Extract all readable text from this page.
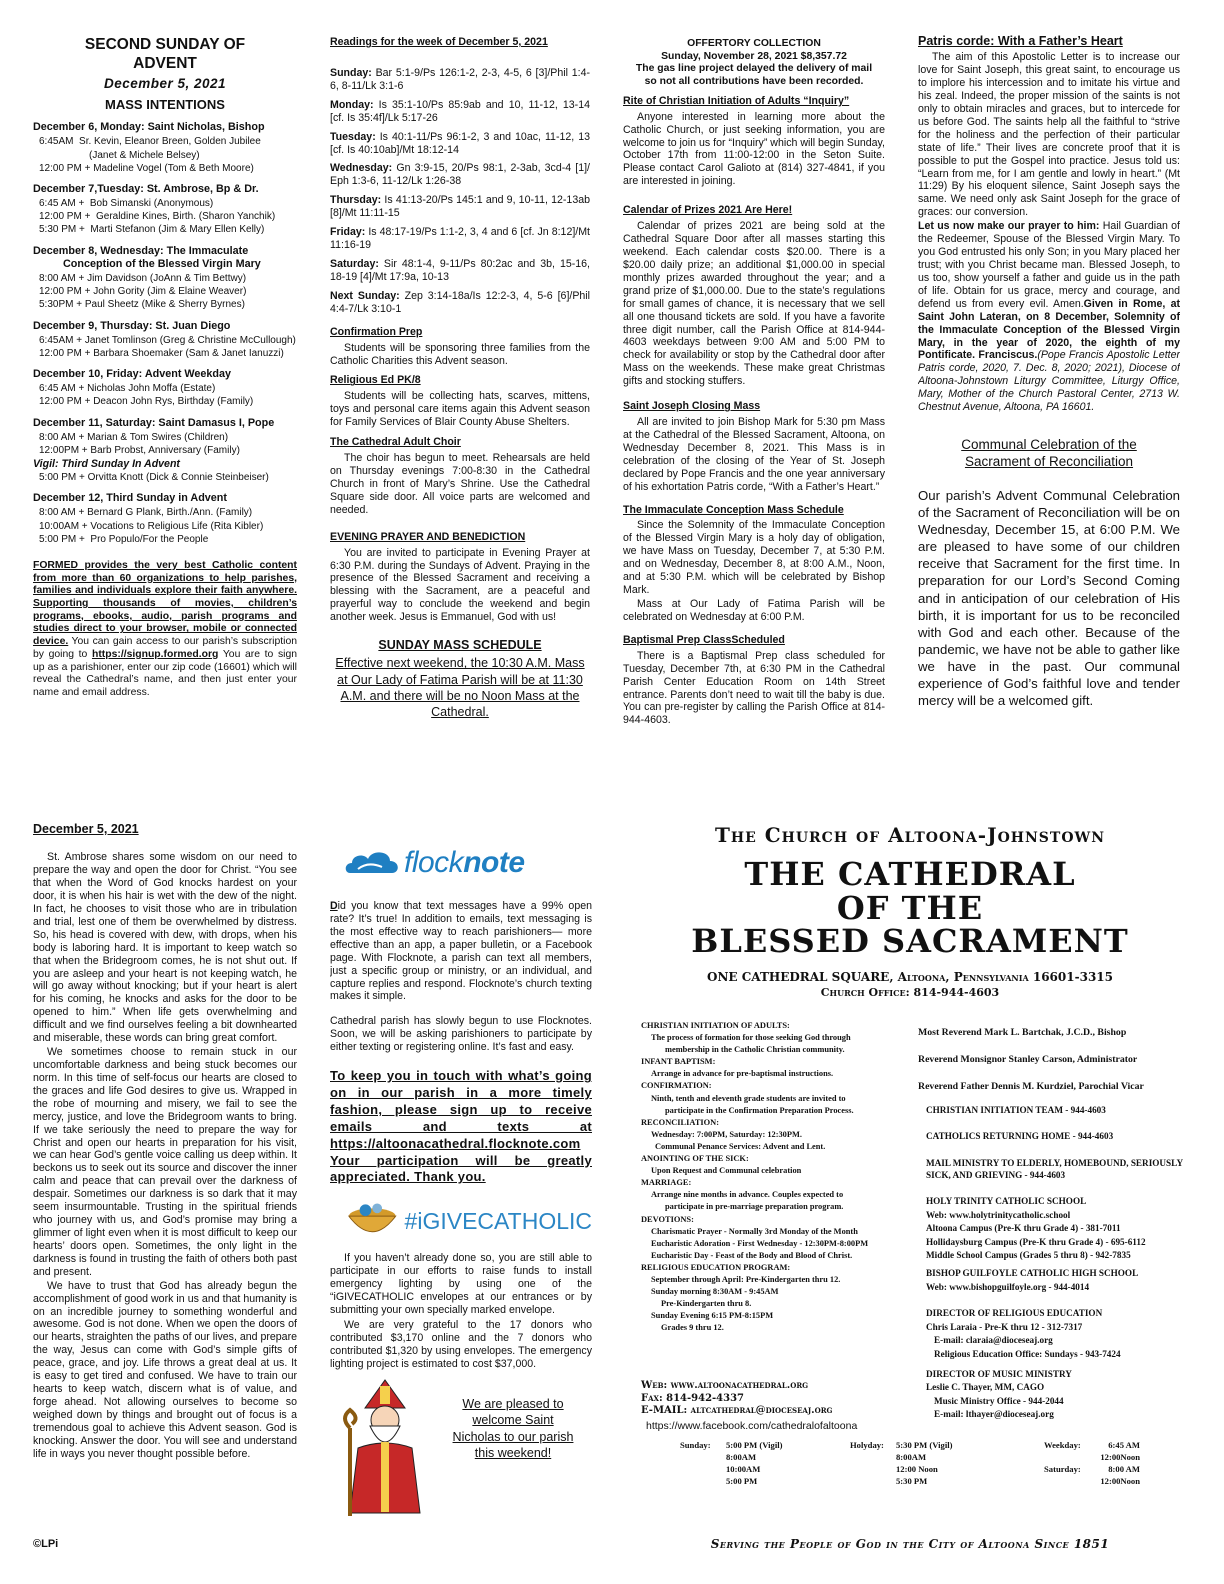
SECOND SUNDAY OF
ADVENT
December 5, 2021
MASS INTENTIONS
December 6, Monday: Saint Nicholas, Bishop
6:45AM  Sr. Kevin, Eleanor Breen, Golden Jubilee
(Janet & Michele Belsey)
12:00 PM + Madeline Vogel (Tom & Beth Moore)
December 7,Tuesday: St. Ambrose, Bp & Dr.
6:45 AM +  Bob Simanski (Anonymous)
12:00 PM +  Geraldine Kines, Birth. (Sharon Yanchik)
5:30 PM +  Marti Stefanon (Jim & Mary Ellen Kelly)
December 8, Wednesday: The Immaculate
Conception of the Blessed Virgin Mary
8:00 AM + Jim Davidson (JoAnn & Tim Bettwy)
12:00 PM + John Gority (Jim & Elaine Weaver)
5:30PM + Paul Sheetz (Mike & Sherry Byrnes)
December 9, Thursday: St. Juan Diego
6:45AM + Janet Tomlinson (Greg & Christine McCullough)
12:00 PM + Barbara Shoemaker (Sam & Janet Ianuzzi)
December 10, Friday: Advent Weekday
6:45 AM + Nicholas John Moffa (Estate)
12:00 PM + Deacon John Rys, Birthday (Family)
December 11, Saturday: Saint Damasus I, Pope
8:00 AM + Marian & Tom Swires (Children)
12:00PM + Barb Probst, Anniversary (Family)
Vigil: Third Sunday In Advent
5:00 PM + Orvitta Knott (Dick & Connie Steinbeiser)
December 12, Third Sunday in Advent
8:00 AM + Bernard G Plank, Birth./Ann. (Family)
10:00AM + Vocations to Religious Life (Rita Kibler)
5:00 PM +  Pro Populo/For the People
FORMED provides the very best Catholic content from more than 60 organizations to help parishes, families and individuals explore their faith anywhere. Supporting thousands of movies, children’s programs, ebooks, audio, parish programs and studies direct to your browser, mobile or connected device. You can gain access to our parish’s subscription by going to https://signup.formed.org You are to sign up as a parishioner, enter our zip code (16601) which will reveal the Cathedral’s name, and then just enter your name and email address.
Readings for the week of December 5, 2021
Sunday: Bar 5:1-9/Ps 126:1-2, 2-3, 4-5, 6 [3]/Phil 1:4-6, 8-11/Lk 3:1-6
Monday: Is 35:1-10/Ps 85:9ab and 10, 11-12, 13-14 [cf. Is 35:4f]/Lk 5:17-26
Tuesday: Is 40:1-11/Ps 96:1-2, 3 and 10ac, 11-12, 13 [cf. Is 40:10ab]/Mt 18:12-14
Wednesday: Gn 3:9-15, 20/Ps 98:1, 2-3ab, 3cd-4 [1]/ Eph 1:3-6, 11-12/Lk 1:26-38
Thursday: Is 41:13-20/Ps 145:1 and 9, 10-11, 12-13ab [8]/Mt 11:11-15
Friday: Is 48:17-19/Ps 1:1-2, 3, 4 and 6 [cf. Jn 8:12]/Mt 11:16-19
Saturday: Sir 48:1-4, 9-11/Ps 80:2ac and 3b, 15-16, 18-19 [4]/Mt 17:9a, 10-13
Next Sunday: Zep 3:14-18a/Is 12:2-3, 4, 5-6 [6]/Phil 4:4-7/Lk 3:10-1
Confirmation Prep

Students will be sponsoring three families from the Catholic Charities this Advent season.

Religious Ed PK/8

Students will be collecting hats, scarves, mittens, toys and personal care items again this Advent season for Family Services of Blair County Abuse Shelters.

The Cathedral Adult Choir

The choir has begun to meet. Rehearsals are held on Thursday evenings 7:00-8:30 in the Cathedral Church in front of Mary’s Shrine. Use the Cathedral Square side door. All voice parts are welcomed and needed.

EVENING PRAYER AND BENEDICTION

You are invited to participate in Evening Prayer at 6:30 P.M. during the Sundays of Advent. Praying in the presence of the Blessed Sacrament and receiving a blessing with the Sacrament, are a peaceful and prayerful way to conclude the weekend and begin another week. Jesus is Emmanuel, God with us!

SUNDAY MASS SCHEDULE
Effective next weekend, the 10:30 A.M. Mass at Our Lady of Fatima Parish will be at 11:30 A.M. and there will be no Noon Mass at the Cathedral.
OFFERTORY COLLECTION
Sunday, November 28, 2021 $8,357.72
The gas line project delayed the delivery of mail
so not all contributions have been recorded.
Rite of Christian Initiation of Adults “Inquiry”

Anyone interested in learning more about the Catholic Church, or just seeking information, you are welcome to join us for “Inquiry” which will begin Sunday, October 17th from 11:00-12:00 in the Seton Suite. Please contact Carol Galioto at (814) 327-4841, if you are interested in joining.

Calendar of Prizes 2021 Are Here!

Calendar of prizes 2021 are being sold at the Cathedral Square Door after all masses starting this weekend. Each calendar costs $20.00. There is a $20.00 daily prize; an additional $1,000.00 in special monthly prizes awarded throughout the year; and a grand prize of $1,000.00. Due to the state’s regulations for small games of chance, it is necessary that we sell all one thousand tickets are sold. If you have a favorite three digit number, call the Parish Office at 814-944-4603 weekdays between 9:00 AM and 5:00 PM to check for availability or stop by the Cathedral door after Mass on the weekends. These make great Christmas gifts and stocking stuffers.

Saint Joseph Closing Mass

All are invited to join Bishop Mark for 5:30 pm Mass at the Cathedral of the Blessed Sacrament, Altoona, on Wednesday December 8, 2021. This Mass is in celebration of the closing of the Year of St. Joseph declared by Pope Francis and the one year anniversary of his exhortation Patris corde, “With a Father’s Heart.”

The Immaculate Conception Mass Schedule

Since the Solemnity of the Immaculate Conception of the Blessed Virgin Mary is a holy day of obligation, we have Mass on Tuesday, December 7, at 5:30 P.M. and on Wednesday, December 8, at 8:00 A.M., Noon, and at 5:30 P.M. which will be celebrated by Bishop Mark.

Mass at Our Lady of Fatima Parish will be celebrated on Wednesday at 6:00 P.M.

Baptismal Prep ClassScheduled

There is a Baptismal Prep class scheduled for Tuesday, December 7th, at 6:30 PM in the Cathedral Parish Center Education Room on 14th Street entrance. Parents don’t need to wait till the baby is due. You can pre-register by calling the Parish Office at 814-944-4603.

Patris corde: With a Father’s Heart

The aim of this Apostolic Letter is to increase our love for Saint Joseph, this great saint, to encourage us to implore his intercession and to imitate his virtue and his zeal. Indeed, the proper mission of the saints is not only to obtain miracles and graces, but to intercede for us before God. The saints help all the faithful to “strive for the holiness and the perfection of their particular state of life.” Their lives are concrete proof that it is possible to put the Gospel into practice. Jesus told us: “Learn from me, for I am gentle and lowly in heart.” (Mt 11:29) By his eloquent silence, Saint Joseph says the same. We need only ask Saint Joseph for the grace of graces: our conversion.

Let us now make our prayer to him: Hail Guardian of the Redeemer, Spouse of the Blessed Virgin Mary. To you God entrusted his only Son; in you Mary placed her trust; with you Christ became man. Blessed Joseph, to us too, show yourself a father and guide us in the path of life. Obtain for us grace, mercy and courage, and defend us from every evil. Amen.Given in Rome, at Saint John Lateran, on 8 December, Solemnity of the Immaculate Conception of the Blessed Virgin Mary, in the year of 2020, the eighth of my Pontificate. Franciscus.(Pope Francis Apostolic Letter Patris corde, 2020, 7. Dec. 8, 2020; 2021), Diocese of Altoona-Johnstown Liturgy Committee, Liturgy Office, Mary, Mother of the Church Pastoral Center, 2713 W. Chestnut Avenue, Altoona, PA 16601.
Communal Celebration of the
Sacrament of Reconciliation
Our parish’s Advent Communal Celebration of the Sacrament of Reconciliation will be on Wednesday, December 15, at 6:00 P.M. We are pleased to have some of our children receive that Sacrament for the first time. In preparation for our Lord’s Second Coming and in anticipation of our celebration of His birth, it is important for us to be reconciled with God and each other. Because of the pandemic, we have not be able to gather like we have in the past. Our communal experience of God’s faithful love and tender mercy will be a welcomed gift.
December 5, 2021

St. Ambrose shares some wisdom on our need to prepare the way and open the door for Christ. “You see that when the Word of God knocks hardest on your door, it is when his hair is wet with the dew of the night. In fact, he chooses to visit those who are in tribulation and trial, lest one of them be overwhelmed by distress. So, his head is covered with dew, with drops, when his body is laboring hard. It is important to keep watch so that when the Bridegroom comes, he is not shut out. If you are asleep and your heart is not keeping watch, he will go away without knocking; but if your heart is alert for his coming, he knocks and asks for the door to be opened to him.” When life gets overwhelming and difficult and we find ourselves feeling a bit downhearted and miserable, these words can bring great comfort.

We sometimes choose to remain stuck in our uncomfortable darkness and being stuck becomes our norm. In this time of self-focus our hearts are closed to the graces and life God desires to give us. Wrapped in the robe of mourning and misery, we fail to see the mercy, justice, and love the Bridegroom wants to bring. If we take seriously the need to prepare the way for Christ and open our hearts in preparation for his visit, we can hear God’s gentle voice calling us deep within. It beckons us to seek out its source and discover the inner calm and peace that can prevail over the darkness of despair. Sometimes our darkness is so dark that it may seem insurmountable. Trusting in the spiritual friends who journey with us, and God’s promise may bring a glimmer of light even when it is most difficult to keep our hearts’ doors open. Sometimes, the only light in the darkness is found in trusting the faith of others both past and present.

We have to trust that God has already begun the accomplishment of good work in us and that humanity is on an incredible journey to something wonderful and awesome. God is not done. When we open the doors of our hearts, straighten the paths of our lives, and prepare the way, Jesus can come with God’s simple gifts of peace, grace, and joy. Life throws a great deal at us. It is easy to get tired and confused. We have to train our hearts to keep watch, discern what is of value, and forge ahead. Not allowing ourselves to become so weighed down by things and brought out of focus is a tremendous goal to achieve this Advent season. God is knocking. Answer the door. You will see and understand life in ways you never thought possible before.

©LPi
flocknote
Did you know that text messages have a 99% open rate? It’s true! In addition to emails, text messaging is the most effective way to reach parishioners— more effective than an app, a paper bulletin, or a Facebook page. With Flocknote, a parish can text all members, just a specific group or ministry, or an individual, and capture replies and respond. Flocknote’s church texting makes it simple.
Cathedral parish has slowly begun to use Flocknotes. Soon, we will be asking parishioners to participate by either texting or registering online. It’s fast and easy.
To keep you in touch with what’s going on in our parish in a more timely fashion, please sign up to receive emails and texts at https://altoonacathedral.flocknote.com Your participation will be greatly appreciated. Thank you.
#iGIVECATHOLIC

If you haven’t already done so, you are still able to participate in our efforts to raise funds to install emergency lighting by using one of the “iGIVECATHOLIC envelopes at our entrances or by submitting your own specially marked envelope.

We are very grateful to the 17 donors who contributed $3,170 online and the 7 donors who contributed $1,320 by using envelopes. The emergency lighting project is estimated to cost $37,000.

We are pleased to welcome Saint Nicholas to our parish this weekend!
The Church of Altoona-Johnstown
THE CATHEDRAL
OF THE
BLESSED SACRAMENT
ONE CATHEDRAL SQUARE, Altoona, Pennsylvania 16601-3315
Church Office: 814-944-4603
CHRISTIAN INITIATION OF ADULTS:
The process of formation for those seeking God through
membership in the Catholic Christian community.
INFANT BAPTISM:
Arrange in advance for pre-baptismal instructions.
CONFIRMATION:
Ninth, tenth and eleventh grade students are invited to
participate in the Confirmation Preparation Process.
RECONCILIATION:
Wednesday: 7:00PM, Saturday: 12:30PM.
Communal Penance Services: Advent and Lent.
ANOINTING OF THE SICK:
Upon Request and Communal celebration
MARRIAGE:
Arrange nine months in advance. Couples expected to
participate in pre-marriage preparation program.
DEVOTIONS:
Charismatic Prayer - Normally 3rd Monday of the Month
Eucharistic Adoration - First Wednesday - 12:30PM-8:00PM
Eucharistic Day - Feast of the Body and Blood of Christ.
RELIGIOUS EDUCATION PROGRAM:
September through April: Pre-Kindergarten thru 12.
Sunday morning 8:30AM - 9:45AM
Pre-Kindergarten thru 8.
Sunday Evening 6:15 PM-8:15PM
Grades 9 thru 12.
Web: www.altoonacathedral.org
Fax: 814-942-4337
E-MAIL: altcathedral@dioceseaj.org
https://www.facebook.com/cathedralofaltoona
Most Reverend Mark L. Bartchak, J.C.D., Bishop
Reverend Monsignor Stanley Carson, Administrator
Reverend Father Dennis M. Kurdziel, Parochial Vicar
CHRISTIAN INITIATION TEAM - 944-4603
CATHOLICS RETURNING HOME - 944-4603
MAIL MINISTRY TO ELDERLY, HOMEBOUND, SERIOUSLY SICK, AND GRIEVING - 944-4603
HOLY TRINITY CATHOLIC SCHOOL
Web: www.holytrinitycatholic.school
Altoona Campus (Pre-K thru Grade 4) - 381-7011
Hollidaysburg Campus (Pre-K thru Grade 4) - 695-6112
Middle School Campus (Grades 5 thru 8) - 942-7835
BISHOP GUILFOYLE CATHOLIC HIGH SCHOOL
Web: www.bishopguilfoyle.org - 944-4014
DIRECTOR OF RELIGIOUS EDUCATION
Chris Laraia - Pre-K thru 12 - 312-7317
E-mail: claraia@dioceseaj.org
Religious Education Office: Sundays - 943-7424
DIRECTOR OF MUSIC MINISTRY
Leslie C. Thayer, MM, CAGO
Music Ministry Office - 944-2044
E-mail: lthayer@dioceseaj.org
Sunday: 5:00 PM (Vigil)
8:00AM
10:00AM
5:00 PM
Holyday: 5:30 PM (Vigil)
8:00AM
12:00 Noon
5:30 PM
Weekday:	6:45 AM
12:00Noon
Saturday:	8:00 AM
12:00Noon
Serving the People of God in the City of Altoona Since 1851
